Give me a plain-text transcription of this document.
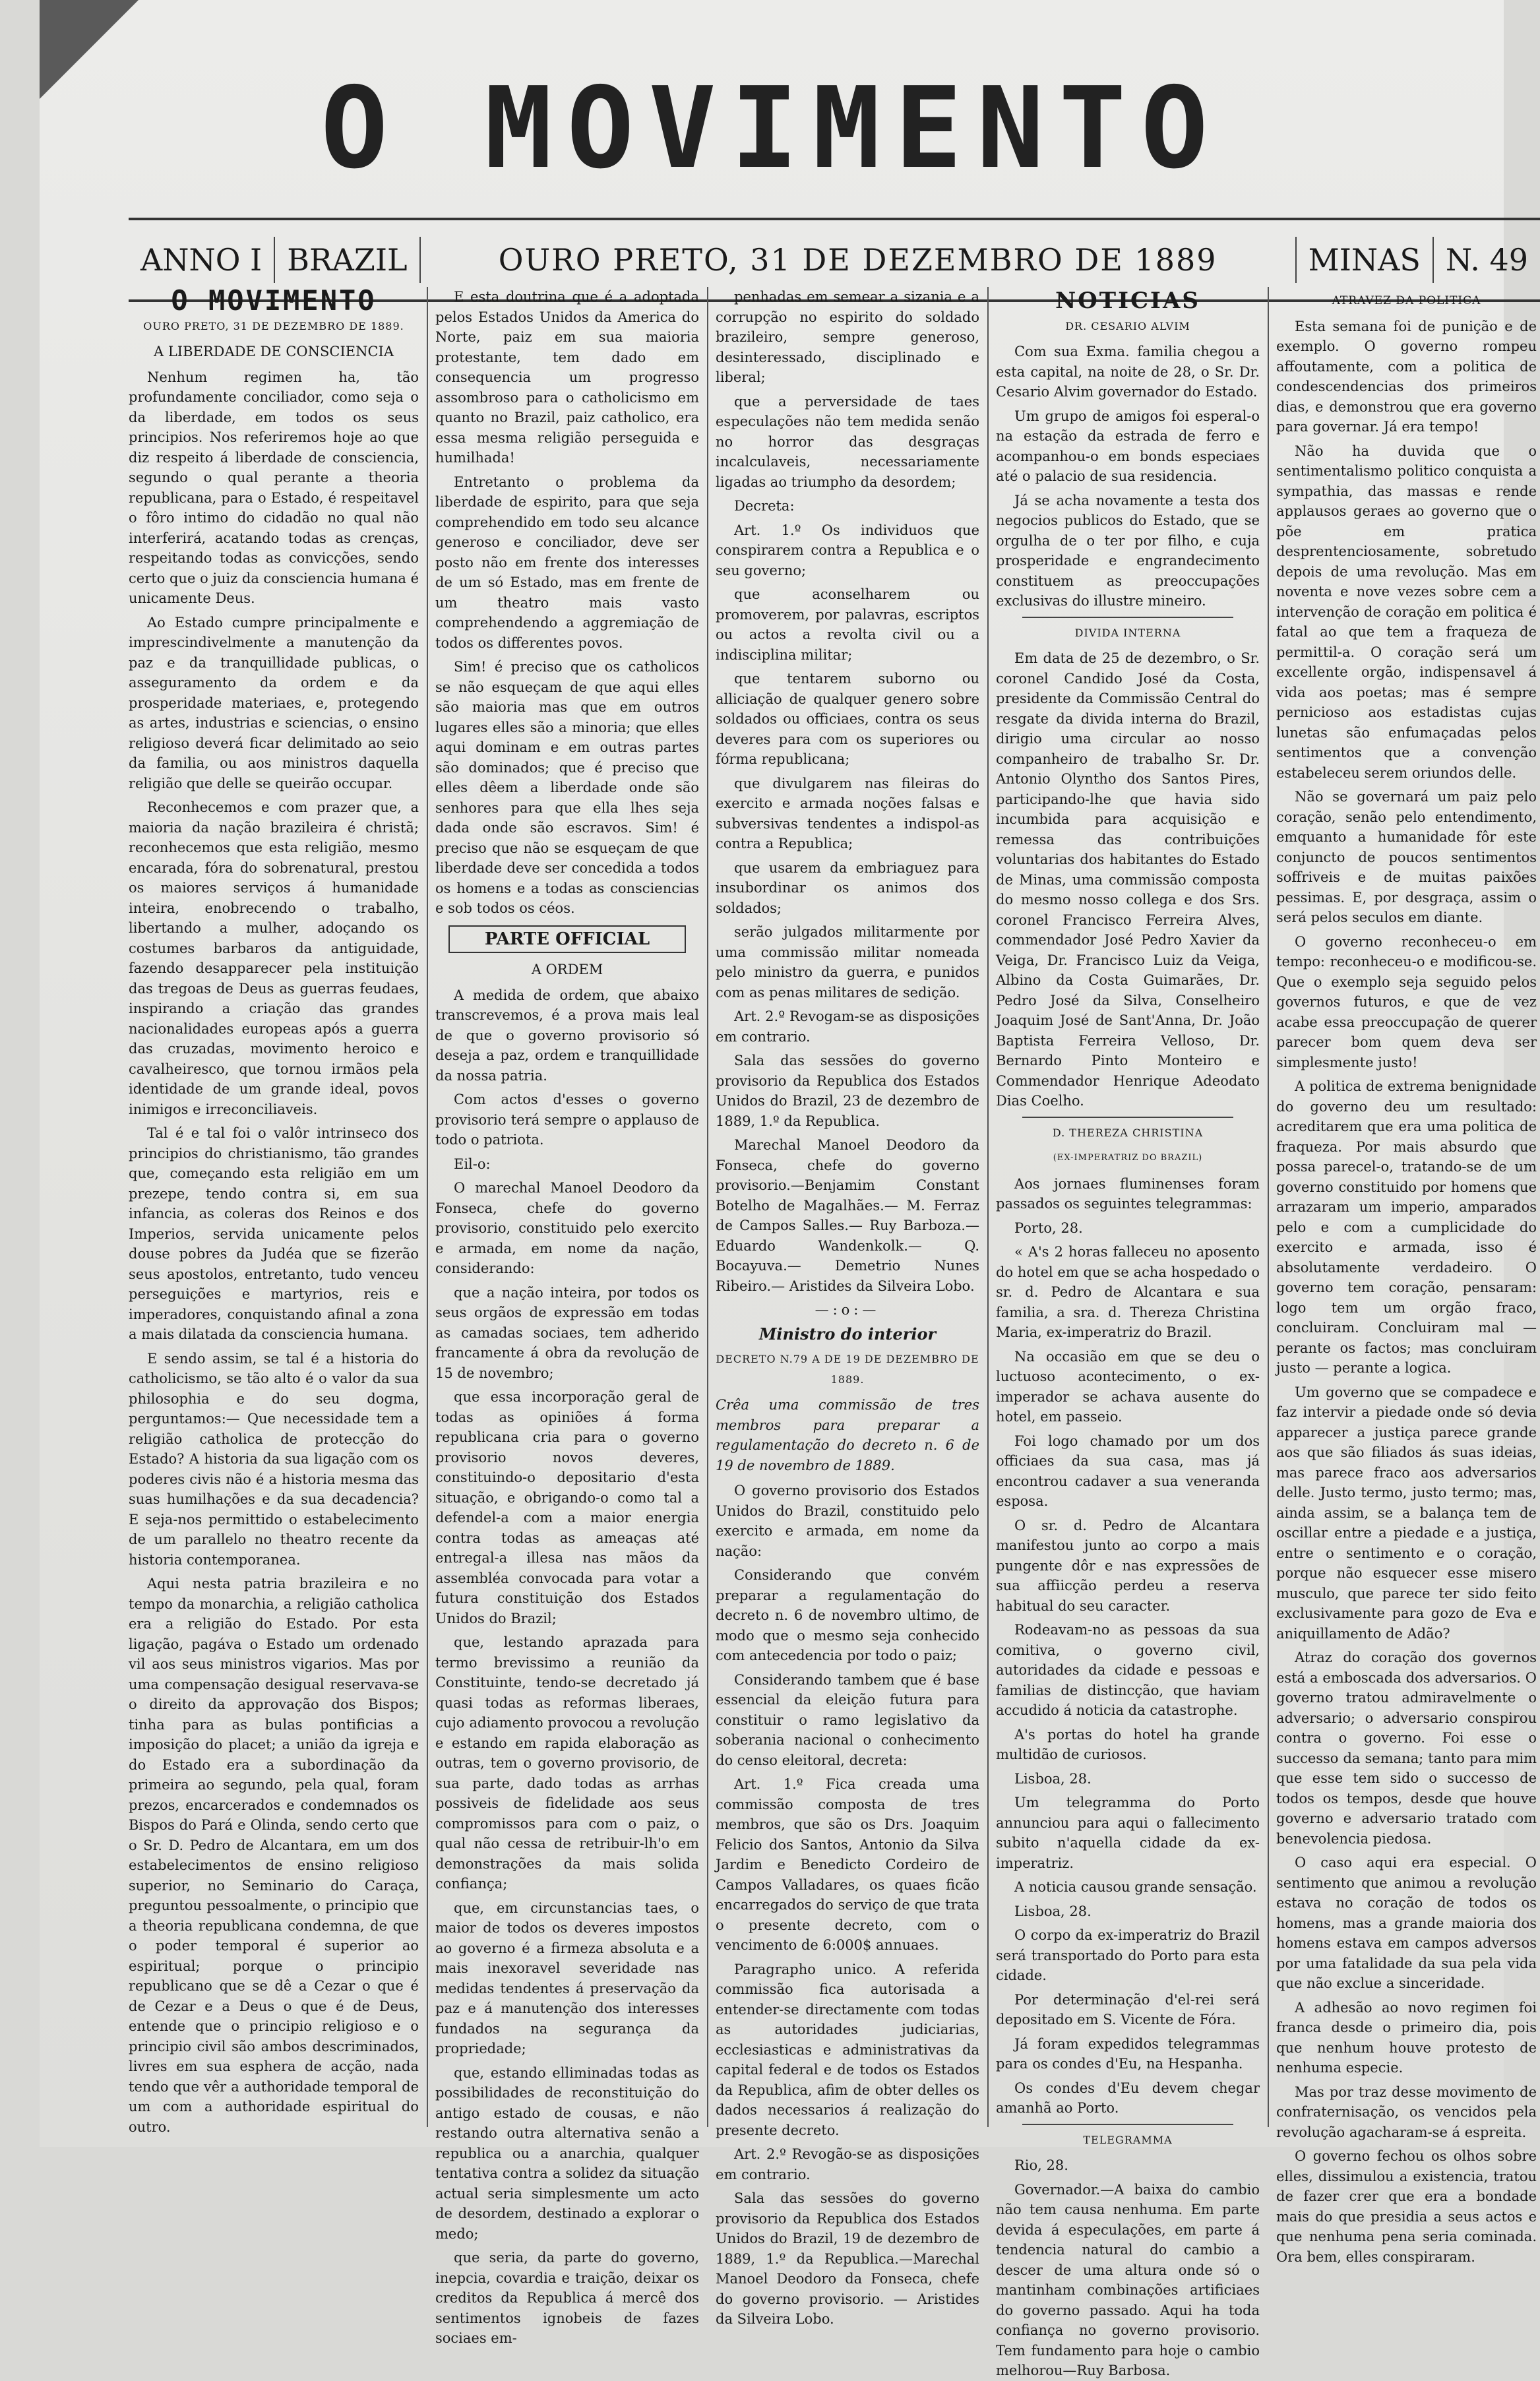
O MOVIMENTO
ANNO I BRAZIL	OURO PRETO, 31 DE DEZEMBRO DE 1889	MINAS N. 49
O MOVIMENTO
OURO PRETO, 31 DE DEZEMBRO DE 1889.
A LIBERDADE DE CONSCIENCIA

Nenhum regimen ha, tão profundamente conciliador, como seja o da liberdade, em todos os seus principios. Nos referiremos hoje ao que diz respeito á liberdade de consciencia, segundo o qual perante a theoria republicana, para o Estado, é respeitavel o fôro intimo do cidadão no qual não interferirá, acatando todas as crenças, respeitando todas as convicções, sendo certo que o juiz da consciencia humana é unicamente Deus.

Ao Estado cumpre principalmente e imprescindivelmente a manutenção da paz e da tranquillidade publicas, o asseguramento da ordem e da prosperidade materiaes, e, protegendo as artes, industrias e sciencias, o ensino religioso deverá ficar delimitado ao seio da familia, ou aos ministros daquella religião que delle se queirão occupar.

Reconhecemos e com prazer que, a maioria da nação brazileira é christã; reconhecemos que esta religião, mesmo encarada, fóra do sobrenatural, prestou os maiores serviços á humanidade inteira, enobrecendo o trabalho, libertando a mulher, adoçando os costumes barbaros da antiguidade, fazendo desapparecer pela instituição das tregoas de Deus as guerras feudaes, inspirando a criação das grandes nacionalidades europeas após a guerra das cruzadas, movimento heroico e cavalheiresco, que tornou irmãos pela identidade de um grande ideal, povos inimigos e irreconciliaveis.

Tal é e tal foi o valôr intrinseco dos principios do christianismo, tão grandes que, começando esta religião em um prezepe, tendo contra si, em sua infancia, as coleras dos Reinos e dos Imperios, servida unicamente pelos douse pobres da Judéa que se fizerão seus apostolos, entretanto, tudo venceu perseguições e martyrios, reis e imperadores, conquistando afinal a zona a mais dilatada da consciencia humana.

E sendo assim, se tal é a historia do catholicismo, se tão alto é o valor da sua philosophia e do seu dogma, perguntamos:— Que necessidade tem a religião catholica de protecção do Estado? A historia da sua ligação com os poderes civis não é a historia mesma das suas humilhações e da sua decadencia? E seja-nos permittido o estabelecimento de um parallelo no theatro recente da historia contemporanea.

Aqui nesta patria brazileira e no tempo da monarchia, a religião catholica era a religião do Estado. Por esta ligação, pagáva o Estado um ordenado vil aos seus ministros vigarios. Mas por uma compensação desigual reservava-se o direito da approvação dos Bispos; tinha para as bulas pontificias a imposição do placet; a união da igreja e do Estado era a subordinação da primeira ao segundo, pela qual, foram prezos, encarcerados e condemnados os Bispos do Pará e Olinda, sendo certo que o Sr. D. Pedro de Alcantara, em um dos estabelecimentos de ensino religioso superior, no Seminario do Caraça, preguntou pessoalmente, o principio que a theoria republicana condemna, de que o poder temporal é superior ao espiritual; porque o principio republicano que se dê a Cezar o que é de Cezar e a Deus o que é de Deus, entende que o principio religioso e o principio civil são ambos descriminados, livres em sua esphera de acção, nada tendo que vêr a authoridade temporal de um com a authoridade espiritual do outro.

E esta doutrina que é a adoptada pelos Estados Unidos da America do Norte, paiz em sua maioria protestante, tem dado em consequencia um progresso assombroso para o catholicismo em quanto no Brazil, paiz catholico, era essa mesma religião perseguida e humilhada!

Entretanto o problema da liberdade de espirito, para que seja comprehendido em todo seu alcance generoso e conciliador, deve ser posto não em frente dos interesses de um só Estado, mas em frente de um theatro mais vasto comprehendendo a aggremiação de todos os differentes povos.

Sim! é preciso que os catholicos se não esqueçam de que aqui elles são maioria mas que em outros lugares elles são a minoria; que elles aqui dominam e em outras partes são dominados; que é preciso que elles dêem a liberdade onde são senhores para que ella lhes seja dada onde são escravos. Sim! é preciso que não se esqueçam de que liberdade deve ser concedida a todos os homens e a todas as consciencias e sob todos os céos.

PARTE OFFICIAL
A ORDEM

A medida de ordem, que abaixo transcrevemos, é a prova mais leal de que o governo provisorio só deseja a paz, ordem e tranquillidade da nossa patria.

Com actos d'esses o governo provisorio terá sempre o applauso de todo o patriota.

Eil-o:

O marechal Manoel Deodoro da Fonseca, chefe do governo provisorio, constituido pelo exercito e armada, em nome da nação, considerando:

que a nação inteira, por todos os seus orgãos de expressão em todas as camadas sociaes, tem adherido francamente á obra da revolução de 15 de novembro;

que essa incorporação geral de todas as opiniões á forma republicana cria para o governo provisorio novos deveres, constituindo-o depositario d'esta situação, e obrigando-o como tal a defendel-a com a maior energia contra todas as ameaças até entregal-a illesa nas mãos da assembléa convocada para votar a futura constituição dos Estados Unidos do Brazil;

que, lestando aprazada para termo brevissimo a reunião da Constituinte, tendo-se decretado já quasi todas as reformas liberaes, cujo adiamento provocou a revolução e estando em rapida elaboração as outras, tem o governo provisorio, de sua parte, dado todas as arrhas possiveis de fidelidade aos seus compromissos para com o paiz, o qual não cessa de retribuir-lh'o em demonstrações da mais solida confiança;

que, em circunstancias taes, o maior de todos os deveres impostos ao governo é a firmeza absoluta e a mais inexoravel severidade nas medidas tendentes á preservação da paz e á manutenção dos interesses fundados na segurança da propriedade;

que, estando elliminadas todas as possibilidades de reconstituição do antigo estado de cousas, e não restando outra alternativa senão a republica ou a anarchia, qualquer tentativa contra a solidez da situação actual seria simplesmente um acto de desordem, destinado a explorar o medo;

que seria, da parte do governo, inepcia, covardia e traição, deixar os creditos da Republica á mercê dos sentimentos ignobeis de fazes sociaes em-

penhadas em semear a sizania e a corrupção no espirito do soldado brazileiro, sempre generoso, desinteressado, disciplinado e liberal;

que a perversidade de taes especulações não tem medida senão no horror das desgraças incalculaveis, necessariamente ligadas ao triumpho da desordem;

Decreta:

Art. 1.º Os individuos que conspirarem contra a Republica e o seu governo;

que aconselharem ou promoverem, por palavras, escriptos ou actos a revolta civil ou a indisciplina militar;

que tentarem suborno ou alliciação de qualquer genero sobre soldados ou officiaes, contra os seus deveres para com os superiores ou fórma republicana;

que divulgarem nas fileiras do exercito e armada noções falsas e subversivas tendentes a indispol-as contra a Republica;

que usarem da embriaguez para insubordinar os animos dos soldados;

serão julgados militarmente por uma commissão militar nomeada pelo ministro da guerra, e punidos com as penas militares de sedição.

Art. 2.º Revogam-se as disposições em contrario.

Sala das sessões do governo provisorio da Republica dos Estados Unidos do Brazil, 23 de dezembro de 1889, 1.º da Republica.

Marechal Manoel Deodoro da Fonseca, chefe do governo provisorio.—Benjamim Constant Botelho de Magalhães.— M. Ferraz de Campos Salles.— Ruy Barboza.— Eduardo Wandenkolk.— Q. Bocayuva.— Demetrio Nunes Ribeiro.— Aristides da Silveira Lobo.

—:o:—
Ministro do interior
DECRETO N.79 A DE 19 DE DEZEMBRO DE 1889.
Crêa uma commissão de tres membros para preparar a regulamentação do decreto n. 6 de 19 de novembro de 1889.

O governo provisorio dos Estados Unidos do Brazil, constituido pelo exercito e armada, em nome da nação:

Considerando que convém preparar a regulamentação do decreto n. 6 de novembro ultimo, de modo que o mesmo seja conhecido com antecedencia por todo o paiz;

Considerando tambem que é base essencial da eleição futura para constituir o ramo legislativo da soberania nacional o conhecimento do censo eleitoral, decreta:

Art. 1.º Fica creada uma commissão composta de tres membros, que são os Drs. Joaquim Felicio dos Santos, Antonio da Silva Jardim e Benedicto Cordeiro de Campos Valladares, os quaes ficão encarregados do serviço de que trata o presente decreto, com o vencimento de 6:000$ annuaes.

Paragrapho unico. A referida commissão fica autorisada a entender-se directamente com todas as autoridades judiciarias, ecclesiasticas e administrativas da capital federal e de todos os Estados da Republica, afim de obter delles os dados necessarios á realização do presente decreto.

Art. 2.º Revogão-se as disposições em contrario.

Sala das sessões do governo provisorio da Republica dos Estados Unidos do Brazil, 19 de dezembro de 1889, 1.º da Republica.—Marechal Manoel Deodoro da Fonseca, chefe do governo provisorio. — Aristides da Silveira Lobo.

NOTICIAS
DR. CESARIO ALVIM

Com sua Exma. familia chegou a esta capital, na noite de 28, o Sr. Dr. Cesario Alvim governador do Estado.

Um grupo de amigos foi esperal-o na estação da estrada de ferro e acompanhou-o em bonds especiaes até o palacio de sua residencia.

Já se acha novamente a testa dos negocios publicos do Estado, que se orgulha de o ter por filho, e cuja prosperidade e engrandecimento constituem as preoccupações exclusivas do illustre mineiro.

DIVIDA INTERNA

Em data de 25 de dezembro, o Sr. coronel Candido José da Costa, presidente da Commissão Central do resgate da divida interna do Brazil, dirigio uma circular ao nosso companheiro de trabalho Sr. Dr. Antonio Olyntho dos Santos Pires, participando-lhe que havia sido incumbida para acquisição e remessa das contribuições voluntarias dos habitantes do Estado de Minas, uma commissão composta do mesmo nosso collega e dos Srs. coronel Francisco Ferreira Alves, commendador José Pedro Xavier da Veiga, Dr. Francisco Luiz da Veiga, Albino da Costa Guimarães, Dr. Pedro José da Silva, Conselheiro Joaquim José de Sant'Anna, Dr. João Baptista Ferreira Velloso, Dr. Bernardo Pinto Monteiro e Commendador Henrique Adeodato Dias Coelho.

D. THEREZA CHRISTINA
(EX-IMPERATRIZ DO BRAZIL)

Aos jornaes fluminenses foram passados os seguintes telegrammas:

Porto, 28.

« A's 2 horas falleceu no aposento do hotel em que se acha hospedado o sr. d. Pedro de Alcantara e sua familia, a sra. d. Thereza Christina Maria, ex-imperatriz do Brazil.

Na occasião em que se deu o luctuoso acontecimento, o ex-imperador se achava ausente do hotel, em passeio.

Foi logo chamado por um dos officiaes da sua casa, mas já encontrou cadaver a sua veneranda esposa.

O sr. d. Pedro de Alcantara manifestou junto ao corpo a mais pungente dôr e nas expressões de sua affiicção perdeu a reserva habitual do seu caracter.

Rodeavam-no as pessoas da sua comitiva, o governo civil, autoridades da cidade e pessoas e familias de distincção, que haviam accudido á noticia da catastrophe.

A's portas do hotel ha grande multidão de curiosos.

Lisboa, 28.

Um telegramma do Porto annunciou para aqui o fallecimento subito n'aquella cidade da ex-imperatriz.

A noticia causou grande sensação.

Lisboa, 28.

O corpo da ex-imperatriz do Brazil será transportado do Porto para esta cidade.

Por determinação d'el-rei será depositado em S. Vicente de Fóra.

Já foram expedidos telegrammas para os condes d'Eu, na Hespanha.

Os condes d'Eu devem chegar amanhã ao Porto.

TELEGRAMMA

Rio, 28.

Governador.—A baixa do cambio não tem causa nenhuma. Em parte devida á especulações, em parte á tendencia natural do cambio a descer de uma altura onde só o mantinham combinações artificiaes do governo passado. Aqui ha toda confiança no governo provisorio. Tem fundamento para hoje o cambio melhorou—Ruy Barbosa.

ATRAVEZ DA POLITICA

Esta semana foi de punição e de exemplo. O governo rompeu affoutamente, com a politica de condescendencias dos primeiros dias, e demonstrou que era governo para governar. Já era tempo!

Não ha duvida que o sentimentalismo politico conquista a sympathia, das massas e rende applausos geraes ao governo que o põe em pratica desprentenciosamente, sobretudo depois de uma revolução. Mas em noventa e nove vezes sobre cem a intervenção de coração em politica é fatal ao que tem a fraqueza de permittil-a. O coração será um excellente orgão, indispensavel á vida aos poetas; mas é sempre pernicioso aos estadistas cujas lunetas são enfumaçadas pelos sentimentos que a convenção estabeleceu serem oriundos delle.

Não se governará um paiz pelo coração, senão pelo entendimento, emquanto a humanidade fôr este conjuncto de poucos sentimentos soffriveis e de muitas paixões pessimas. E, por desgraça, assim o será pelos seculos em diante.

O governo reconheceu-o em tempo: reconheceu-o e modificou-se. Que o exemplo seja seguido pelos governos futuros, e que de vez acabe essa preoccupação de querer parecer bom quem deva ser simplesmente justo!

A politica de extrema benignidade do governo deu um resultado: acreditarem que era uma politica de fraqueza. Por mais absurdo que possa parecel-o, tratando-se de um governo constituido por homens que arrazaram um imperio, amparados pelo e com a cumplicidade do exercito e armada, isso é absolutamente verdadeiro. O governo tem coração, pensaram: logo tem um orgão fraco, concluiram. Concluiram mal — perante os factos; mas concluiram justo — perante a logica.

Um governo que se compadece e faz intervir a piedade onde só devia apparecer a justiça parece grande aos que são filiados ás suas ideias, mas parece fraco aos adversarios delle. Justo termo, justo termo; mas, ainda assim, se a balança tem de oscillar entre a piedade e a justiça, entre o sentimento e o coração, porque não esquecer esse misero musculo, que parece ter sido feito exclusivamente para gozo de Eva e aniquillamento de Adão?

Atraz do coração dos governos está a emboscada dos adversarios. O governo tratou admiravelmente o adversario; o adversario conspirou contra o governo. Foi esse o successo da semana; tanto para mim que esse tem sido o successo de todos os tempos, desde que houve governo e adversario tratado com benevolencia piedosa.

O caso aqui era especial. O sentimento que animou a revolução estava no coração de todos os homens, mas a grande maioria dos homens estava em campos adversos por uma fatalidade da sua pela vida que não exclue a sinceridade.

A adhesão ao novo regimen foi franca desde o primeiro dia, pois que nenhum houve protesto de nenhuma especie.

Mas por traz desse movimento de confraternisação, os vencidos pela revolução agacharam-se á espreita.

O governo fechou os olhos sobre elles, dissimulou a existencia, tratou de fazer crer que era a bondade mais do que presidia a seus actos e que nenhuma pena seria cominada. Ora bem, elles conspiraram.
